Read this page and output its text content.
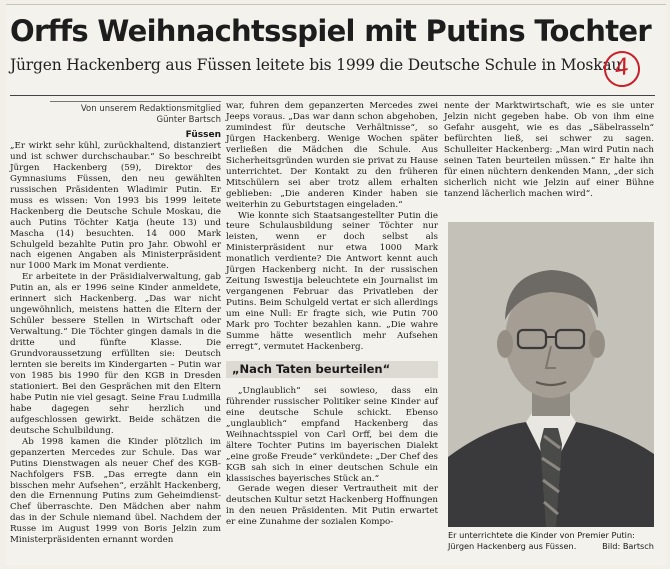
Orffs Weihnachtsspiel mit Putins Tochter
Jürgen Hackenberg aus Füssen leitete bis 1999 die Deutsche Schule in Moskau
4
Von unserem Redaktionsmitglied
Günter Bartsch
Füssen

„Er wirkt sehr kühl, zurückhaltend, distanziert und ist schwer durchschaubar.“ So beschreibt Jürgen Hackenberg (59), Direktor des Gymnasiums Füssen, den neu gewählten russischen Präsidenten Wladimir Putin. Er muss es wissen: Von 1993 bis 1999 leitete Hackenberg die Deutsche Schule Moskau, die auch Putins Töchter Katja (heute 13) und Mascha (14) besuchten. 14 000 Mark Schulgeld bezahlte Putin pro Jahr. Obwohl er nach eigenen Angaben als Ministerpräsident nur 1000 Mark im Monat verdiente.

Er arbeitete in der Präsidialverwaltung, gab Putin an, als er 1996 seine Kinder anmeldete, erinnert sich Hackenberg. „Das war nicht ungewöhnlich, meistens hatten die Eltern der Schüler bessere Stellen in Wirtschaft oder Verwaltung.“ Die Töchter gingen damals in die dritte und fünfte Klasse. Die Grundvoraussetzung erfüllten sie: Deutsch lernten sie bereits im Kindergarten – Putin war von 1985 bis 1990 für den KGB in Dresden stationiert. Bei den Gesprächen mit den Eltern habe Putin nie viel gesagt. Seine Frau Ludmilla habe dagegen sehr herzlich und aufgeschlossen gewirkt. Beide schätzen die deutsche Schulbildung.

Ab 1998 kamen die Kinder plötzlich im gepanzerten Mercedes zur Schule. Das war Putins Dienstwagen als neuer Chef des KGB-Nachfolgers FSB. „Das erregte dann ein bisschen mehr Aufsehen“, erzählt Hackenberg, den die Ernennung Putins zum Geheimdienst-Chef überraschte. Den Mädchen aber nahm das in der Schule niemand übel. Nachdem der Russe im August 1999 von Boris Jelzin zum Ministerpräsidenten ernannt worden

war, fuhren dem gepanzerten Mercedes zwei Jeeps voraus. „Das war dann schon abgehoben, zumindest für deutsche Verhältnisse“, so Jürgen Hackenberg. Wenige Wochen später verließen die Mädchen die Schule. Aus Sicherheitsgründen wurden sie privat zu Hause unterrichtet. Der Kontakt zu den früheren Mitschülern sei aber trotz allem erhalten geblieben: „Die anderen Kinder haben sie weiterhin zu Geburtstagen eingeladen.“

Wie konnte sich Staatsangestellter Putin die teure Schulausbildung seiner Töchter nur leisten, wenn er doch selbst als Ministerpräsident nur etwa 1000 Mark monatlich verdiente? Die Antwort kennt auch Jürgen Hackenberg nicht. In der russischen Zeitung Iswestija beleuchtete ein Journalist im vergangenen Februar das Privatleben der Putins. Beim Schulgeld vertat er sich allerdings um eine Null: Er fragte sich, wie Putin 700 Mark pro Tochter bezahlen kann. „Die wahre Summe hätte wesentlich mehr Aufsehen erregt“, vermutet Hackenberg.

„Nach Taten beurteilen“

„Unglaublich“ sei sowieso, dass ein führender russischer Politiker seine Kinder auf eine deutsche Schule schickt. Ebenso „unglaublich“ empfand Hackenberg das Weihnachtsspiel von Carl Orff, bei dem die ältere Tochter Putins im bayerischen Dialekt „eine große Freude“ verkündete: „Der Chef des KGB sah sich in einer deutschen Schule ein klassisches bayerisches Stück an.“

Gerade wegen dieser Vertrautheit mit der deutschen Kultur setzt Hackenberg Hoffnungen in den neuen Präsidenten. Mit Putin erwartet er eine Zunahme der sozialen Kompo-

nente der Marktwirtschaft, wie es sie unter Jelzin nicht gegeben habe. Ob von ihm eine Gefahr ausgeht, wie es das „Säbelrasseln“ befürchten ließ, sei schwer zu sagen. Schulleiter Hackenberg: „Man wird Putin nach seinen Taten beurteilen müssen.“ Er halte ihn für einen nüchtern denkenden Mann, „der sich sicherlich nicht wie Jelzin auf einer Bühne tanzend lächerlich machen wird“.

Er unterrichtete die Kinder von Premier Putin: Jürgen Hackenberg aus Füssen.	Bild: Bartsch
